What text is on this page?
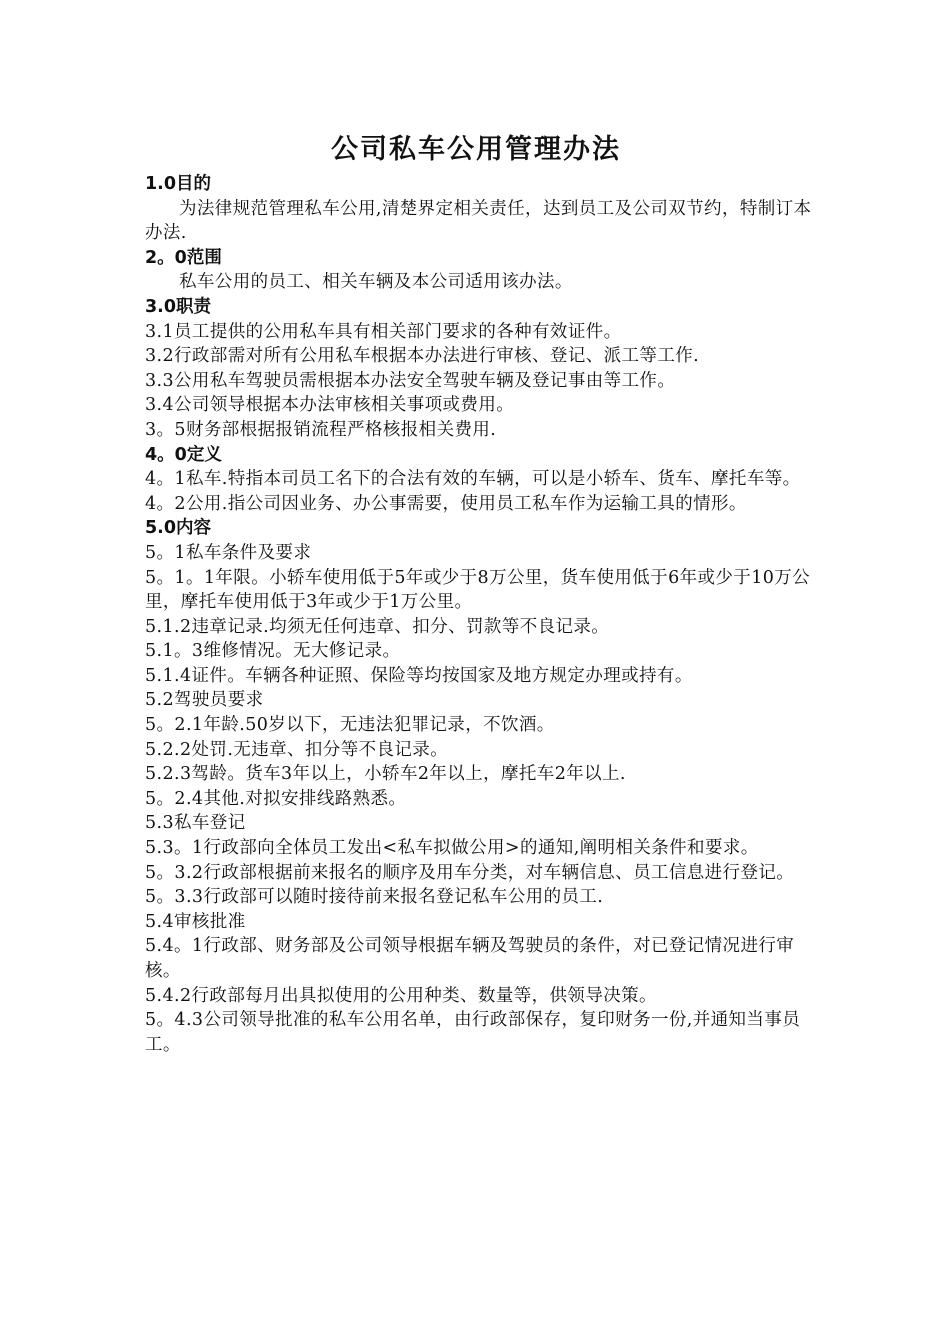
公司私车公用管理办法

1.0目的

为法律规范管理私车公用,清楚界定相关责任，达到员工及公司双节约，特制订本办法.

2。0范围

私车公用的员工、相关车辆及本公司适用该办法。

3.0职责

3.1员工提供的公用私车具有相关部门要求的各种有效证件。

3.2行政部需对所有公用私车根据本办法进行审核、登记、派工等工作.

3.3公用私车驾驶员需根据本办法安全驾驶车辆及登记事由等工作。

3.4公司领导根据本办法审核相关事项或费用。

3。5财务部根据报销流程严格核报相关费用.

4。0定义

4。1私车.特指本司员工名下的合法有效的车辆，可以是小轿车、货车、摩托车等。

4。2公用.指公司因业务、办公事需要，使用员工私车作为运输工具的情形。

5.0内容

5。1私车条件及要求

5。1。1年限。小轿车使用低于5年或少于8万公里，货车使用低于6年或少于10万公里，摩托车使用低于3年或少于1万公里。

5.1.2违章记录.均须无任何违章、扣分、罚款等不良记录。

5.1。3维修情况。无大修记录。

5.1.4证件。车辆各种证照、保险等均按国家及地方规定办理或持有。

5.2驾驶员要求

5。2.1年龄.50岁以下，无违法犯罪记录，不饮酒。

5.2.2处罚.无违章、扣分等不良记录。

5.2.3驾龄。货车3年以上，小轿车2年以上，摩托车2年以上.

5。2.4其他.对拟安排线路熟悉。

5.3私车登记

5.3。1行政部向全体员工发出<私车拟做公用>的通知,阐明相关条件和要求。

5。3.2行政部根据前来报名的顺序及用车分类，对车辆信息、员工信息进行登记。

5。3.3行政部可以随时接待前来报名登记私车公用的员工.

5.4审核批准

5.4。1行政部、财务部及公司领导根据车辆及驾驶员的条件，对已登记情况进行审核。

5.4.2行政部每月出具拟使用的公用种类、数量等，供领导决策。

5。4.3公司领导批准的私车公用名单，由行政部保存，复印财务一份,并通知当事员工。
